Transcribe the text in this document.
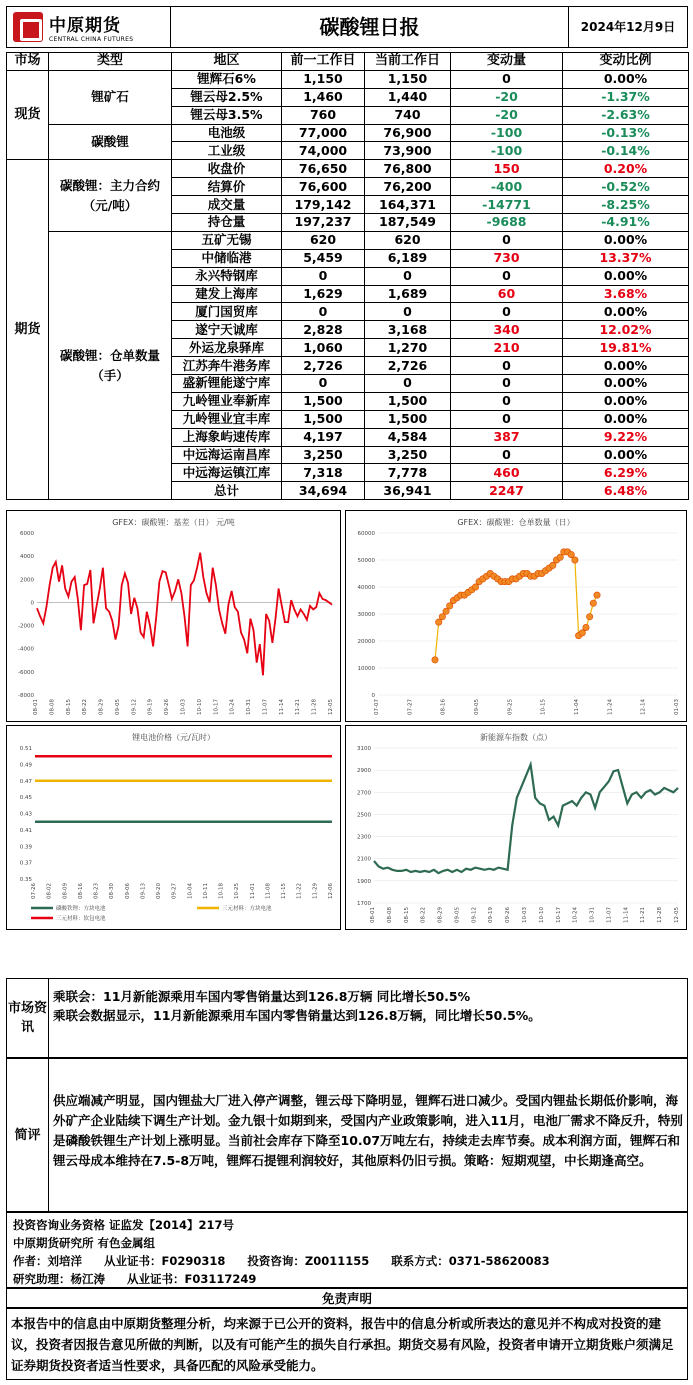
中原期货
CENTRAL CHINA FUTURES
碳酸锂日报	2024年12月9日
市场	类型	地区	前一工作日	当前工作日	变动量	变动比例
现货	锂矿石	锂辉石6%	1,150	1,150	0	0.00%
		锂云母2.5%	1,460	1,440	-20	-1.37%
		锂云母3.5%	760	740	-20	-2.63%
	碳酸锂	电池级	77,000	76,900	-100	-0.13%
		工业级	74,000	73,900	-100	-0.14%
期货	碳酸锂：主力合约（元/吨）	收盘价	76,650	76,800	150	0.20%
		结算价	76,600	76,200	-400	-0.52%
		成交量	179,142	164,371	-14771	-8.25%
		持仓量	197,237	187,549	-9688	-4.91%
	碳酸锂：仓单数量（手）	五矿无锡	620	620	0	0.00%
		中储临港	5,459	6,189	730	13.37%
		永兴特钢库	0	0	0	0.00%
		建发上海库	1,629	1,689	60	3.68%
		厦门国贸库	0	0	0	0.00%
		遂宁天诚库	2,828	3,168	340	12.02%
		外运龙泉驿库	1,060	1,270	210	19.81%
		江苏奔牛港务库	2,726	2,726	0	0.00%
		盛新锂能遂宁库	0	0	0	0.00%
		九岭锂业奉新库	1,500	1,500	0	0.00%
		九岭锂业宜丰库	1,500	1,500	0	0.00%
		上海象屿速传库	4,197	4,584	387	9.22%
		中远海运南昌库	3,250	3,250	0	0.00%
		中远海运镇江库	7,318	7,778	460	6.29%
		总计	34,694	36,941	2247	6.48%
GFEX：碳酸锂：基差（日） 元/吨
6000
4000
2000
0
-2000
-4000
-6000
-8000
08-01 08-08 08-15 08-22 08-29 09-05 09-12 09-19 09-26 10-03 10-10 10-17 10-24 10-31 11-07 11-14 11-21 11-28 12-05
GFEX：碳酸锂：仓单数量（日）
60000
50000
40000
30000
20000
10000
0
07-07	07-27	08-16	09-05	09-25	10-15	11-04	11-24	12-14	01-03
锂电池价格（元/瓦时）
0.51
0.49
0.47
0.45
0.43
0.41
0.39
0.37
0.35
07-26 08-02 08-09 08-16 08-23 08-30 09-06 09-13 09-20 09-27 10-04 10-11 10-18 10-25 11-01 11-08 11-15 11-22 11-29 12-06
磷酸铁锂：方块电池	三元材料：方块电池
三元材料：软包电池
新能源车指数（点）
3100
2900
2700
2500
2300
2100
1900
1700
08-01 08-08 08-15 08-22 08-29 09-05 09-12 09-19 09-26 10-03 10-10 10-17 10-24 10-31 11-07 11-14 11-21 11-28 12-05
市场资讯
乘联会：11月新能源乘用车国内零售销量达到126.8万辆 同比增长50.5%
乘联会数据显示，11月新能源乘用车国内零售销量达到126.8万辆，同比增长50.5%。
简评
供应端减产明显，国内锂盐大厂进入停产调整，锂云母下降明显，锂辉石进口减少。受国内锂盐长期低价影响，海外矿产企业陆续下调生产计划。金九银十如期到来，受国内产业政策影响，进入11月，电池厂需求不降反升，特别是磷酸铁锂生产计划上涨明显。当前社会库存下降至10.07万吨左右，持续走去库节奏。成本利润方面，锂辉石和锂云母成本维持在7.5-8万吨，锂辉石提锂利润较好，其他原料仍旧亏损。策略：短期观望，中长期逢高空。
投资咨询业务资格 证监发【2014】217号
中原期货研究所 有色金属组
作者：刘培洋 从业证书：F0290318 投资咨询：Z0011155 联系方式：0371-58620083
研究助理：杨江涛 从业证书：F03117249
免责声明
本报告中的信息由中原期货整理分析，均来源于已公开的资料，报告中的信息分析或所表达的意见并不构成对投资的建议，投资者因报告意见所做的判断，以及有可能产生的损失自行承担。期货交易有风险，投资者申请开立期货账户须满足证券期货投资者适当性要求，具备匹配的风险承受能力。
